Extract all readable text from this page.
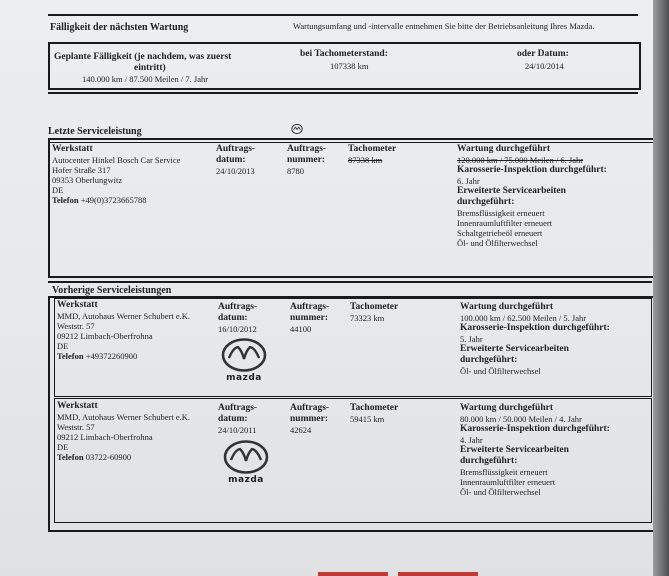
Fälligkeit der nächsten Wartung	Wartungsumfang und -intervalle entnehmen Sie bitte der Betriebsanleitung Ihres Mazda.
Geplante Fälligkeit (je nachdem, was zuerst
eintritt)
140.000 km / 87.500 Meilen / 7. Jahr
bei Tachometerstand:
107338 km
oder Datum:
24/10/2014
Letzte Serviceleistung
Werkstatt
Autocenter Hinkel Bosch Car Service
Hofer Straße 317
09353 Oberlungwitz
DE
Telefon +49(0)3723665788
Auftrags-
datum:
24/10/2013
Auftrags-
nummer:
8780
Tachometer
87338 km
Wartung durchgeführt
120.000 km / 75.000 Meilen / 6. Jahr
Karosserie-Inspektion durchgeführt:
6. Jahr
Erweiterte Servicearbeiten
durchgeführt:
Bremsflüssigkeit erneuert
Innenraumluftfilter erneuert
Schaltgetriebeöl erneuert
Öl- und Ölfilterwechsel
Vorherige Serviceleistungen
Werkstatt
MMD, Autohaus Werner Schubert e.K.
Weststr. 57
09212 Limbach-Oberfrohna
DE
Telefon +49372260900
Auftrags-
datum:
16/10/2012
mazda
Auftrags-
nummer:
44100
Tachometer
73323 km
Wartung durchgeführt
100.000 km / 62.500 Meilen / 5. Jahr
Karosserie-Inspektion durchgeführt:
5. Jahr
Erweiterte Servicearbeiten
durchgeführt:
Öl- und Ölfilterwechsel
Werkstatt
MMD, Autohaus Werner Schubert e.K.
Weststr. 57
09212 Limbach-Oberfrohna
DE
Telefon 03722-60900
Auftrags-
datum:
24/10/2011
mazda
Auftrags-
nummer:
42624
Tachometer
59415 km
Wartung durchgeführt
80.000 km / 50.000 Meilen / 4. Jahr
Karosserie-Inspektion durchgeführt:
4. Jahr
Erweiterte Servicearbeiten
durchgeführt:
Bremsflüssigkeit erneuert
Innenraumluftfilter erneuert
Öl- und Ölfilterwechsel
